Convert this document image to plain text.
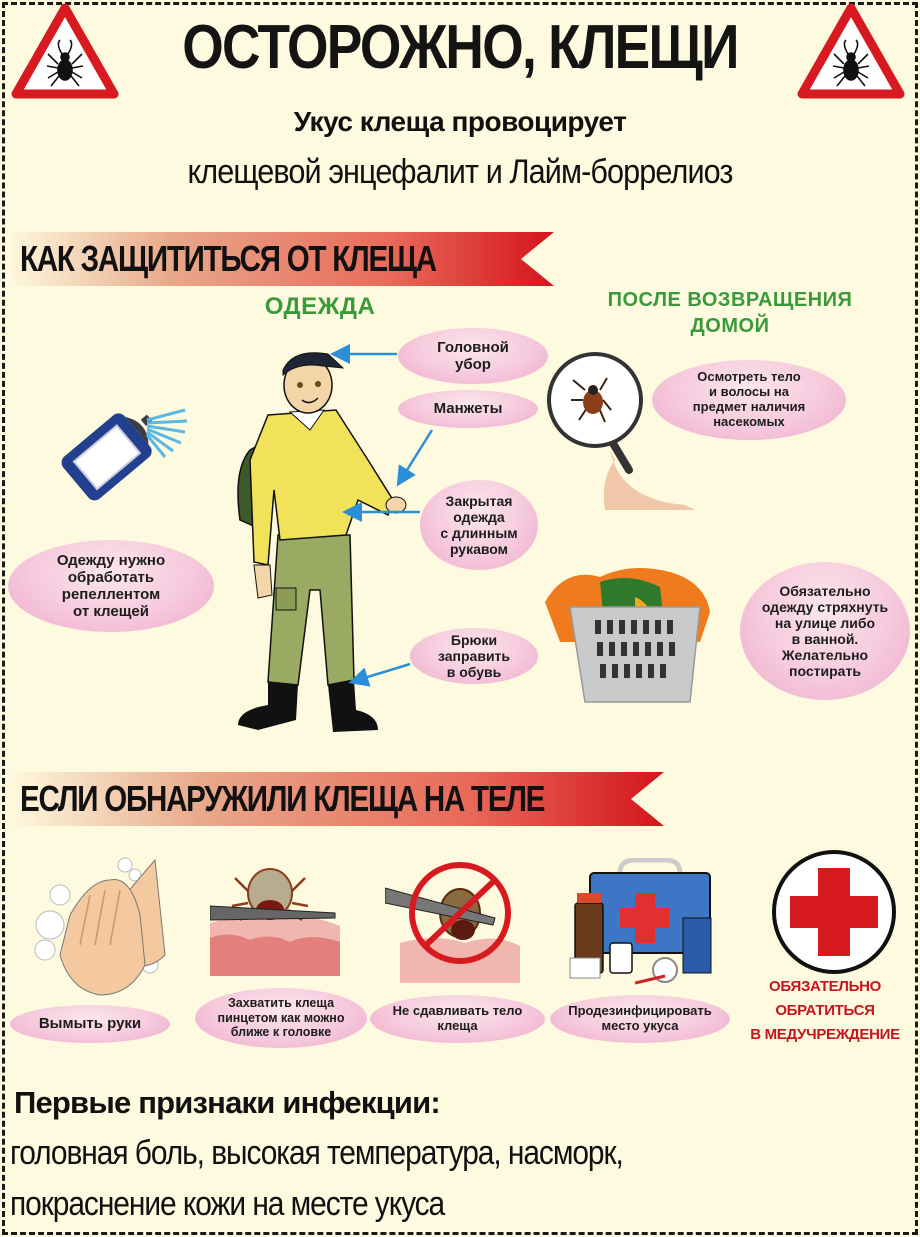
ОСТОРОЖНО, КЛЕЩИ
Укус клеща провоцирует
клещевой энцефалит и Лайм-боррелиоз
КАК ЗАЩИТИТЬСЯ ОТ КЛЕЩА
ОДЕЖДА	ПОСЛЕ ВОЗВРАЩЕНИЯ
ДОМОЙ
Одежду нужно
обработать
репеллентом
от клещей
Головной
убор
Манжеты
Закрытая
одежда
с длинным
рукавом
Брюки
заправить
в обувь
Осмотреть тело
и волосы на
предмет наличия
насекомых
Обязательно
одежду стряхнуть
на улице либо
в ванной.
Желательно
постирать
ЕСЛИ ОБНАРУЖИЛИ КЛЕЩА НА ТЕЛЕ
Вымыть руки
Захватить клеща
пинцетом как можно
ближе к головке
Не сдавливать тело
клеща
Продезинфицировать
место укуса
ОБЯЗАТЕЛЬНО
ОБРАТИТЬСЯ
В МЕДУЧРЕЖДЕНИЕ
Первые признаки инфекции:
головная боль, высокая температура, насморк,
покраснение кожи на месте укуса
